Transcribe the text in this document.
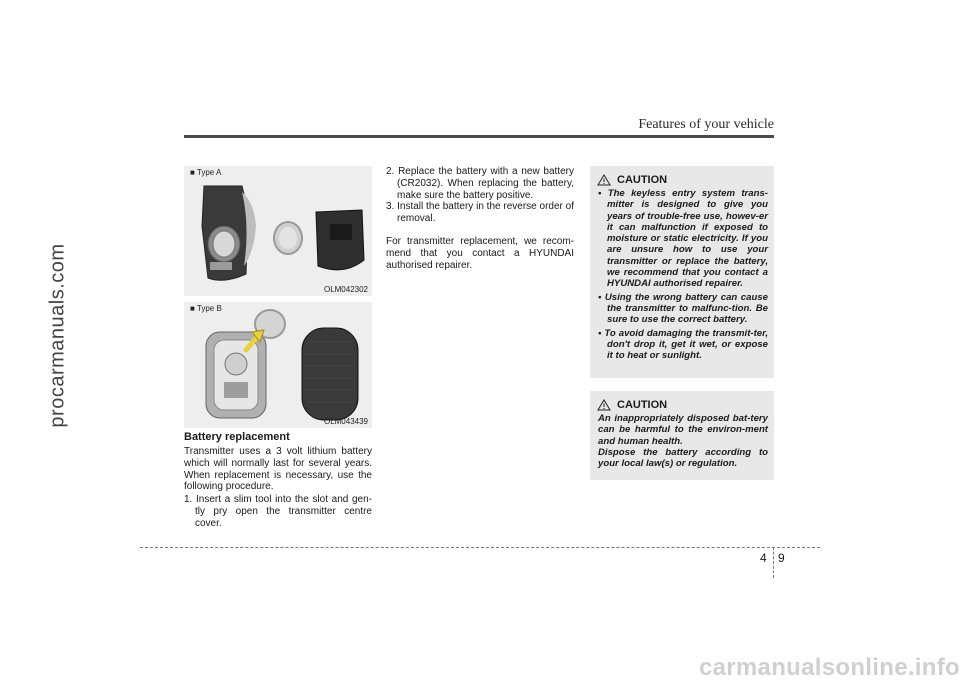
Features of your vehicle
procarmanuals.com
■ Type A
OLM042302
■ Type B
OLM043439
Battery replacement
Transmitter uses a 3 volt lithium battery which will normally last for several years. When replacement is necessary, use the following procedure.
1. Insert a slim tool into the slot and gen-tly pry open the transmitter centre cover.
2. Replace the battery with a new battery (CR2032). When replacing the battery, make sure the battery positive.

3. Install the battery in the reverse order of removal.

For transmitter replacement, we recom-mend that you contact a HYUNDAI authorised repairer.

CAUTION
• The keyless entry system trans-mitter is designed to give you years of trouble-free use, howev-er it can malfunction if exposed to moisture or static electricity. If you are unsure how to use your transmitter or replace the battery, we recommend that you contact a HYUNDAI authorised repairer.
• Using the wrong battery can cause the transmitter to malfunc-tion. Be sure to use the correct battery.
• To avoid damaging the transmit-ter, don't drop it, get it wet, or expose it to heat or sunlight.
CAUTION

An inappropriately disposed bat-tery can be harmful to the environ-ment and human health.

Dispose the battery according to your local law(s) or regulation.

4 9
carmanualsonline.info
